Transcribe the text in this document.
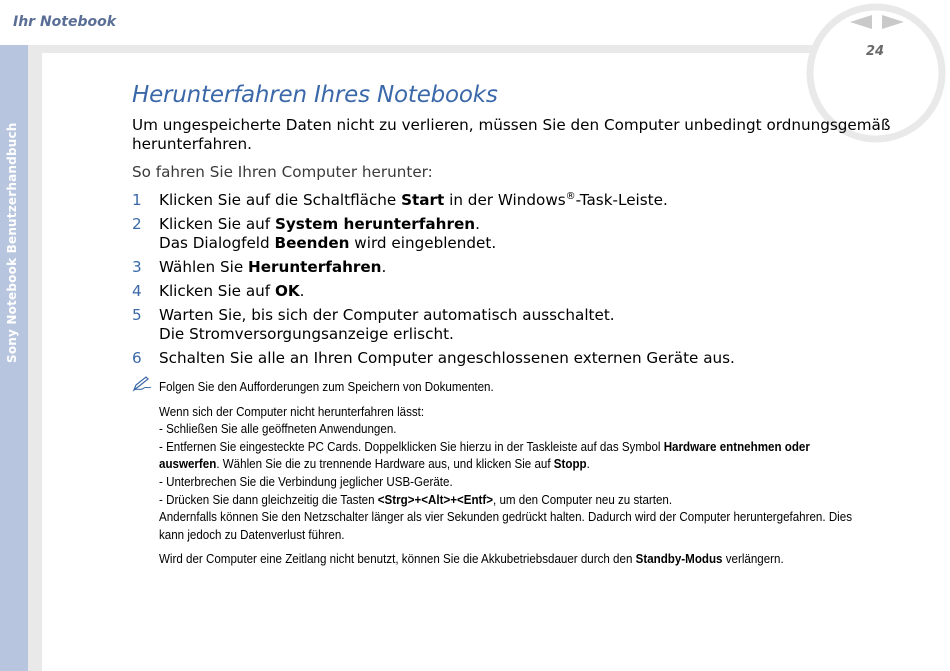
Ihr Notebook
Sony Notebook Benutzerhandbuch
24
Herunterfahren Ihres Notebooks

Um ungespeicherte Daten nicht zu verlieren, müssen Sie den Computer unbedingt ordnungsgemäß herunterfahren.

So fahren Sie Ihren Computer herunter:

1 Klicken Sie auf die Schaltfläche Start in der Windows®-Task-Leiste.
2 Klicken Sie auf System herunterfahren.
Das Dialogfeld Beenden wird eingeblendet.
3 Wählen Sie Herunterfahren.
4 Klicken Sie auf OK.
5 Warten Sie, bis sich der Computer automatisch ausschaltet.
Die Stromversorgungsanzeige erlischt.
6 Schalten Sie alle an Ihren Computer angeschlossenen externen Geräte aus.

Folgen Sie den Aufforderungen zum Speichern von Dokumenten.

Wenn sich der Computer nicht herunterfahren lässt:

- Schließen Sie alle geöffneten Anwendungen.

- Entfernen Sie eingesteckte PC Cards. Doppelklicken Sie hierzu in der Taskleiste auf das Symbol Hardware entnehmen oder auswerfen. Wählen Sie die zu trennende Hardware aus, und klicken Sie auf Stopp.

- Unterbrechen Sie die Verbindung jeglicher USB-Geräte.

- Drücken Sie dann gleichzeitig die Tasten <Strg>+<Alt>+<Entf>, um den Computer neu zu starten.

Andernfalls können Sie den Netzschalter länger als vier Sekunden gedrückt halten. Dadurch wird der Computer heruntergefahren. Dies kann jedoch zu Datenverlust führen.

Wird der Computer eine Zeitlang nicht benutzt, können Sie die Akkubetriebsdauer durch den Standby-Modus verlängern.
